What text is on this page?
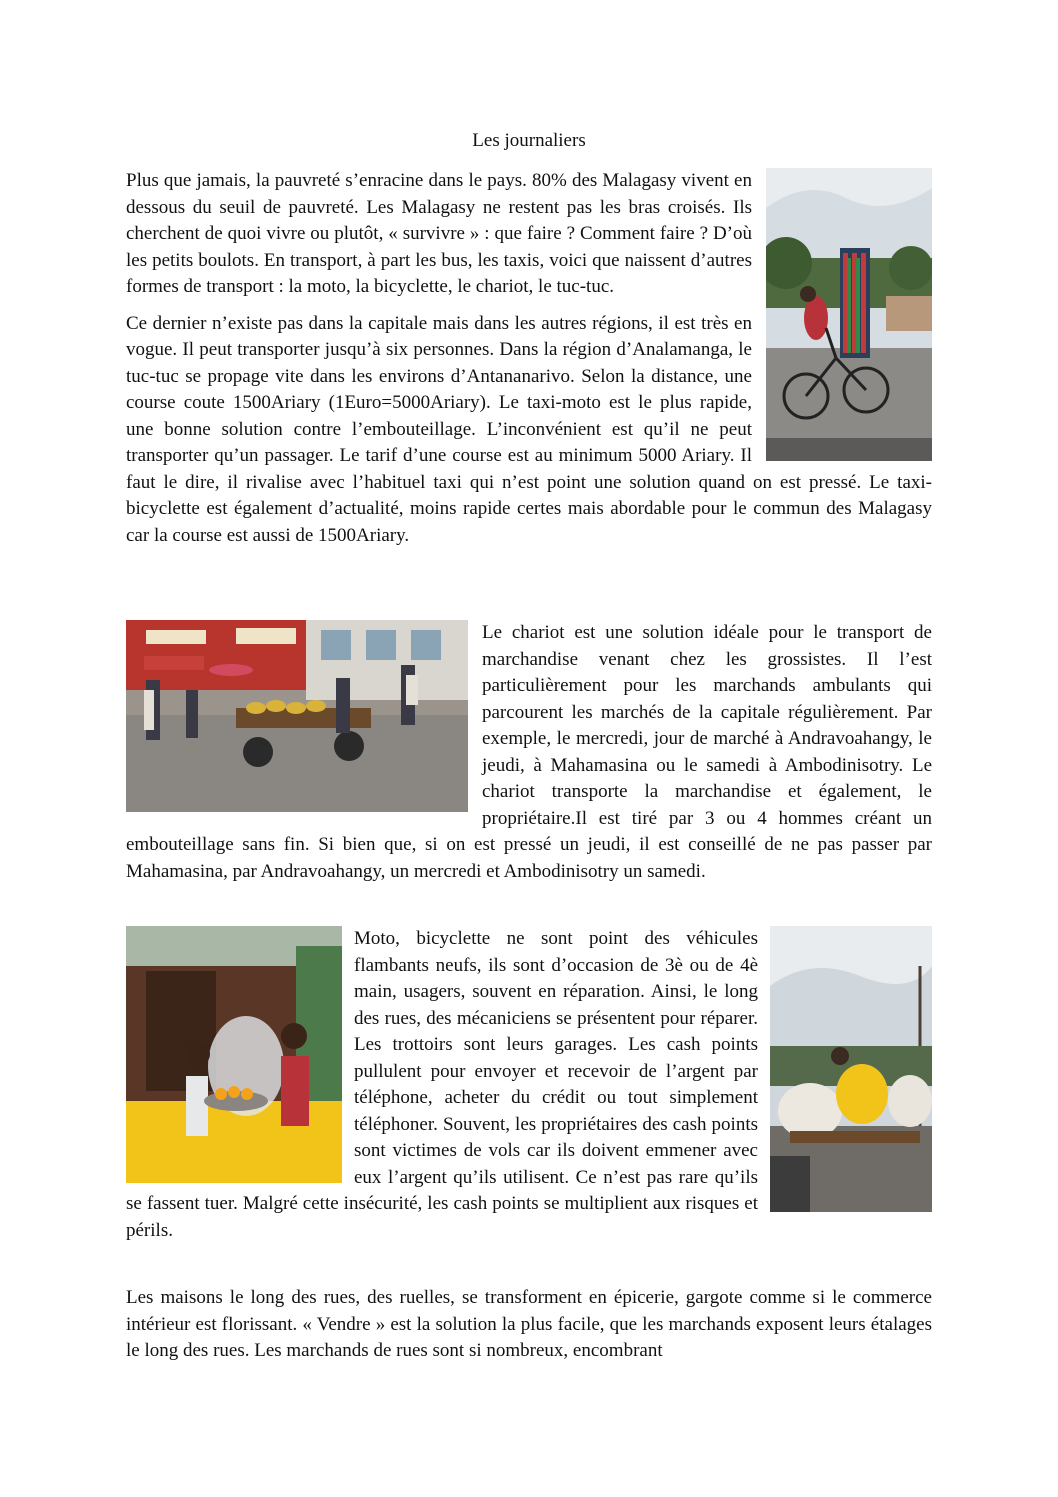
Les journaliers

Plus que jamais, la pauvreté s’enracine dans le pays. 80% des Malagasy vivent en dessous du seuil de pauvreté. Les Malagasy ne restent pas les bras croisés. Ils cherchent de quoi vivre ou plutôt, « survivre » : que faire ? Comment faire ? D’où les petits boulots. En transport, à part les bus, les taxis, voici que naissent d’autres formes de transport : la moto, la bicyclette, le chariot, le tuc-tuc.

Ce dernier n’existe pas dans la capitale mais dans les autres régions, il est très en vogue. Il peut transporter jusqu’à six personnes. Dans la région d’Analamanga, le tuc-tuc se propage vite dans les environs d’Antananarivo. Selon la distance, une course coute 1500Ariary (1Euro=5000Ariary). Le taxi-moto est le plus rapide, une bonne solution contre l’embouteillage. L’inconvénient est qu’il ne peut transporter qu’un passager. Le tarif d’une course est au minimum 5000 Ariary. Il faut le dire, il rivalise avec l’habituel taxi qui n’est point une solution quand on est pressé. Le taxi-bicyclette est également d’actualité, moins rapide certes mais abordable pour le commun des Malagasy car la course est aussi de 1500Ariary.

Le chariot est une solution idéale pour le transport de marchandise venant chez les grossistes. Il l’est particulièrement pour les marchands ambulants qui parcourent les marchés de la capitale régulièrement. Par exemple, le mercredi, jour de marché à Andravoahangy, le jeudi, à Mahamasina ou le samedi à Ambodinisotry. Le chariot transporte la marchandise et également, le propriétaire.Il est tiré par 3 ou 4 hommes créant un embouteillage sans fin. Si bien que, si on est pressé un jeudi, il est conseillé de ne pas passer par Mahamasina, par Andravoahangy, un mercredi et Ambodinisotry un samedi.

Moto, bicyclette ne sont point des véhicules flambants neufs, ils sont d’occasion de 3è ou de 4è main, usagers, souvent en réparation. Ainsi, le long des rues, des mécaniciens se présentent pour réparer. Les trottoirs sont leurs garages. Les cash points pullulent pour envoyer et recevoir de l’argent par téléphone, acheter du crédit ou tout simplement téléphoner. Souvent, les propriétaires des cash points sont victimes de vols car ils doivent emmener avec eux l’argent qu’ils utilisent. Ce n’est pas rare qu’ils se fassent tuer. Malgré cette insécurité, les cash points se multiplient aux risques et périls.

Les maisons le long des rues, des ruelles, se transforment en épicerie, gargote comme si le commerce intérieur est florissant. « Vendre » est la solution la plus facile, que les marchands exposent leurs étalages le long des rues. Les marchands de rues sont si nombreux, encombrant
